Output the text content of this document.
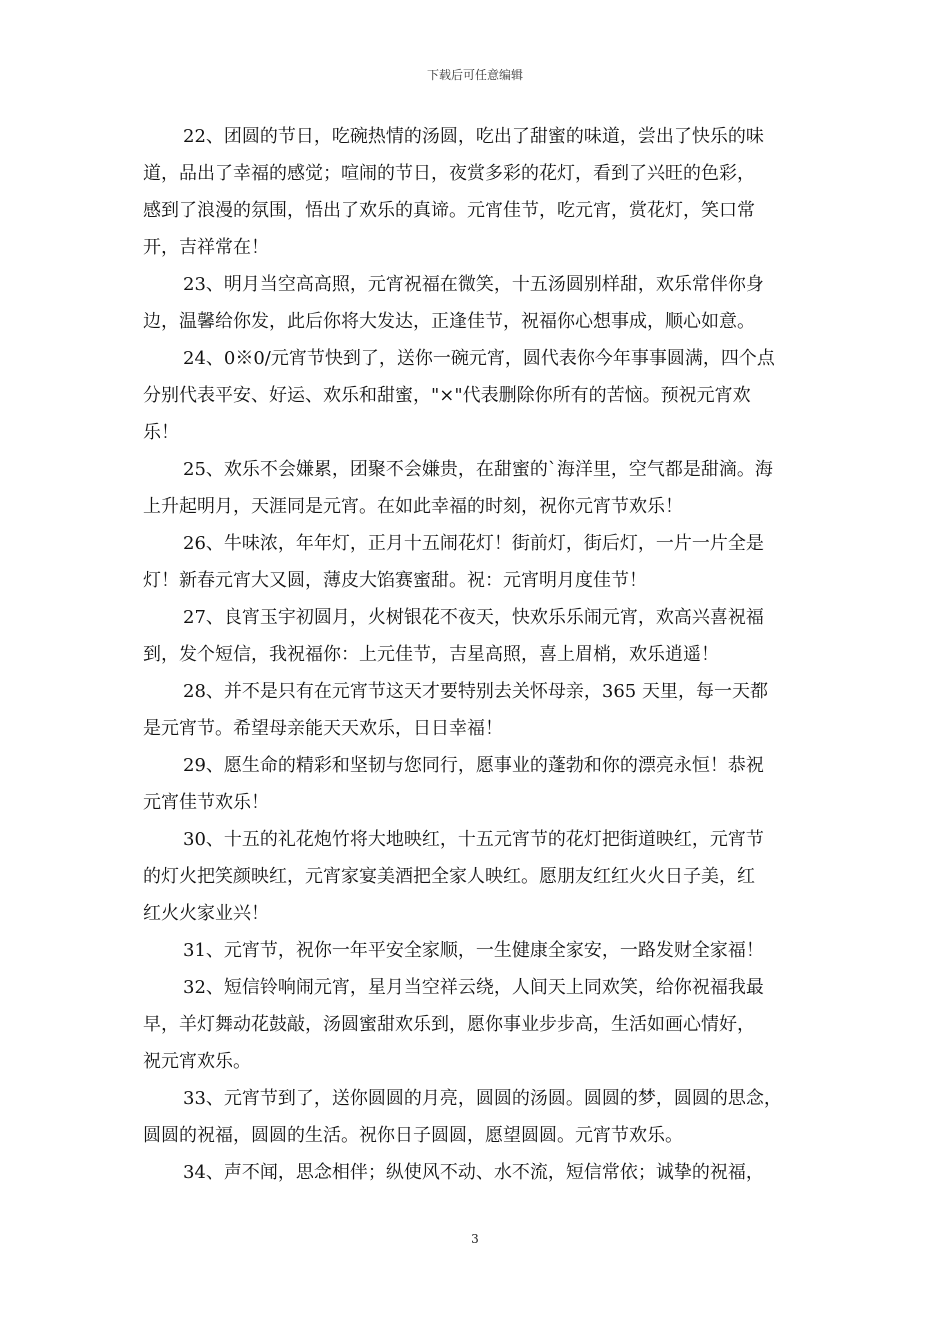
下载后可任意编辑

22、团圆的节日，吃碗热情的汤圆，吃出了甜蜜的味道，尝出了快乐的味
道，品出了幸福的感觉；喧闹的节日，夜赏多彩的花灯，看到了兴旺的色彩，
感到了浪漫的氛围，悟出了欢乐的真谛。元宵佳节，吃元宵，赏花灯，笑口常
开，吉祥常在！

23、明月当空高高照，元宵祝福在微笑，十五汤圆别样甜，欢乐常伴你身
边，温馨给你发，此后你将大发达，正逢佳节，祝福你心想事成，顺心如意。

24、0※0/元宵节快到了，送你一碗元宵，圆代表你今年事事圆满，四个点
分别代表平安、好运、欢乐和甜蜜，"×"代表删除你所有的苦恼。预祝元宵欢
乐！

25、欢乐不会嫌累，团聚不会嫌贵，在甜蜜的`海洋里，空气都是甜滴。海
上升起明月，天涯同是元宵。在如此幸福的时刻，祝你元宵节欢乐！

26、牛味浓，年年灯，正月十五闹花灯！街前灯，街后灯，一片一片全是
灯！新春元宵大又圆，薄皮大馅赛蜜甜。祝：元宵明月度佳节！

27、良宵玉宇初圆月，火树银花不夜天，快欢乐乐闹元宵，欢高兴喜祝福
到，发个短信，我祝福你：上元佳节，吉星高照，喜上眉梢，欢乐逍遥！

28、并不是只有在元宵节这天才要特别去关怀母亲，365 天里，每一天都
是元宵节。希望母亲能天天欢乐，日日幸福！

29、愿生命的精彩和坚韧与您同行，愿事业的蓬勃和你的漂亮永恒！恭祝
元宵佳节欢乐！

30、十五的礼花炮竹将大地映红，十五元宵节的花灯把街道映红，元宵节
的灯火把笑颜映红，元宵家宴美酒把全家人映红。愿朋友红红火火日子美，红
红火火家业兴！

31、元宵节，祝你一年平安全家顺，一生健康全家安，一路发财全家福！

32、短信铃响闹元宵，星月当空祥云绕，人间天上同欢笑，给你祝福我最
早，羊灯舞动花鼓敲，汤圆蜜甜欢乐到，愿你事业步步高，生活如画心情好，
祝元宵欢乐。

33、元宵节到了，送你圆圆的月亮，圆圆的汤圆。圆圆的梦，圆圆的思念，
圆圆的祝福，圆圆的生活。祝你日子圆圆，愿望圆圆。元宵节欢乐。

34、声不闻，思念相伴；纵使风不动、水不流，短信常依；诚挚的祝福，

3
